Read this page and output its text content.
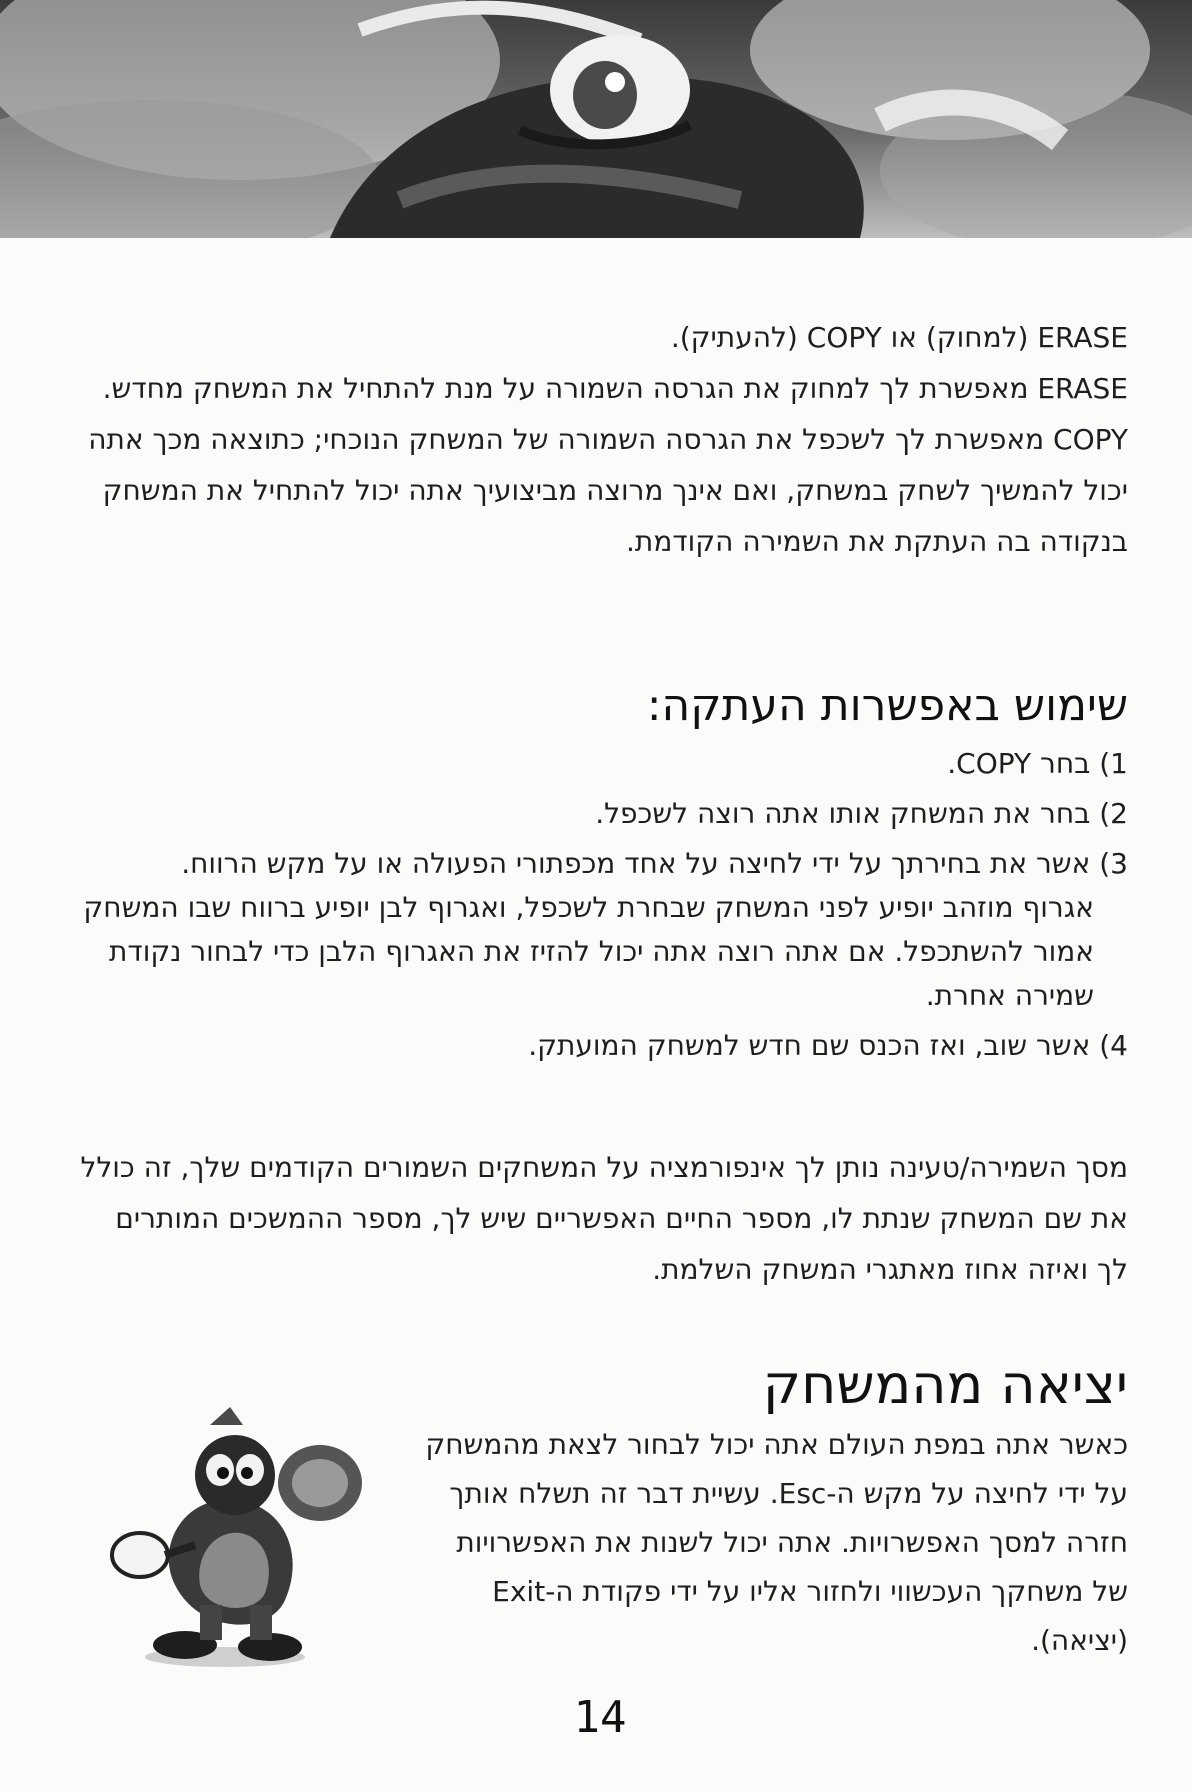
ERASE (למחוק) או COPY (להעתיק).

ERASE מאפשרת לך למחוק את הגרסה השמורה על מנת להתחיל את המשחק מחדש.

COPY מאפשרת לך לשכפל את הגרסה השמורה של המשחק הנוכחי; כתוצאה מכך אתה יכול להמשיך לשחק במשחק, ואם אינך מרוצה מביצועיך אתה יכול להתחיל את המשחק בנקודה בה העתקת את השמירה הקודמת.

שימוש באפשרות העתקה:
1) בחר COPY.
2) בחר את המשחק אותו אתה רוצה לשכפל.
3) אשר את בחירתך על ידי לחיצה על אחד מכפתורי הפעולה או על מקש הרווח.
אגרוף מוזהב יופיע לפני המשחק שבחרת לשכפל, ואגרוף לבן יופיע ברווח שבו המשחק אמור להשתכפל. אם אתה רוצה אתה יכול להזיז את האגרוף הלבן כדי לבחור נקודת שמירה אחרת.
4) אשר שוב, ואז הכנס שם חדש למשחק המועתק.

מסך השמירה/טעינה נותן לך אינפורמציה על המשחקים השמורים הקודמים שלך, זה כולל את שם המשחק שנתת לו, מספר החיים האפשריים שיש לך, מספר ההמשכים המותרים לך ואיזה אחוז מאתגרי המשחק השלמת.

יציאה מהמשחק

כאשר אתה במפת העולם אתה יכול לבחור לצאת מהמשחק על ידי לחיצה על מקש ה-Esc. עשיית דבר זה תשלח אותך חזרה למסך האפשרויות. אתה יכול לשנות את האפשרויות של משחקך העכשווי ולחזור אליו על ידי פקודת ה-Exit (יציאה).

14
